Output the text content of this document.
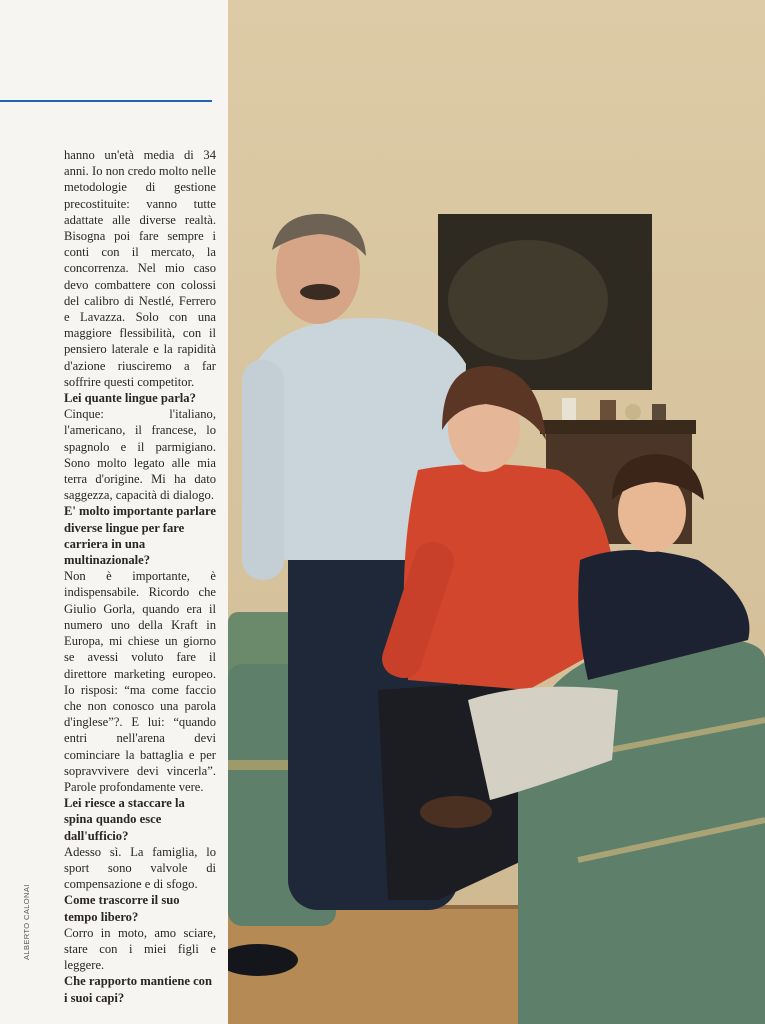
hanno un'età media di 34 anni. Io non credo molto nelle metodologie di gestione precostituite: vanno tutte adattate alle diverse realtà. Bisogna poi fare sempre i conti con il mercato, la concorrenza. Nel mio caso devo combattere con colossi del calibro di Nestlé, Ferrero e Lavazza. Solo con una maggiore flessibilità, con il pensiero laterale e la rapidità d'azione riusciremo a far soffrire questi competitor.

Lei quante lingue parla?

Cinque: l'italiano, l'americano, il francese, lo spagnolo e il parmigiano. Sono molto legato alle mia terra d'origine. Mi ha dato saggezza, capacità di dialogo.

E' molto importante parlare diverse lingue per fare carriera in una multinazionale?

Non è importante, è indispensabile. Ricordo che Giulio Gorla, quando era il numero uno della Kraft in Europa, mi chiese un giorno se avessi voluto fare il direttore marketing europeo. Io risposi: “ma come faccio che non conosco una parola d'inglese”?. E lui: “quando entri nell'arena devi cominciare la battaglia e per sopravvivere devi vincerla”. Parole profondamente vere.

Lei riesce a staccare la spina quando esce dall'ufficio?

Adesso sì. La famiglia, lo sport sono valvole di compensazione e di sfogo.

Come trascorre il suo tempo libero?

Corro in moto, amo sciare, stare con i miei figli e leggere.

Che rapporto mantiene con i suoi capi?

ALBERTO CALONAI
